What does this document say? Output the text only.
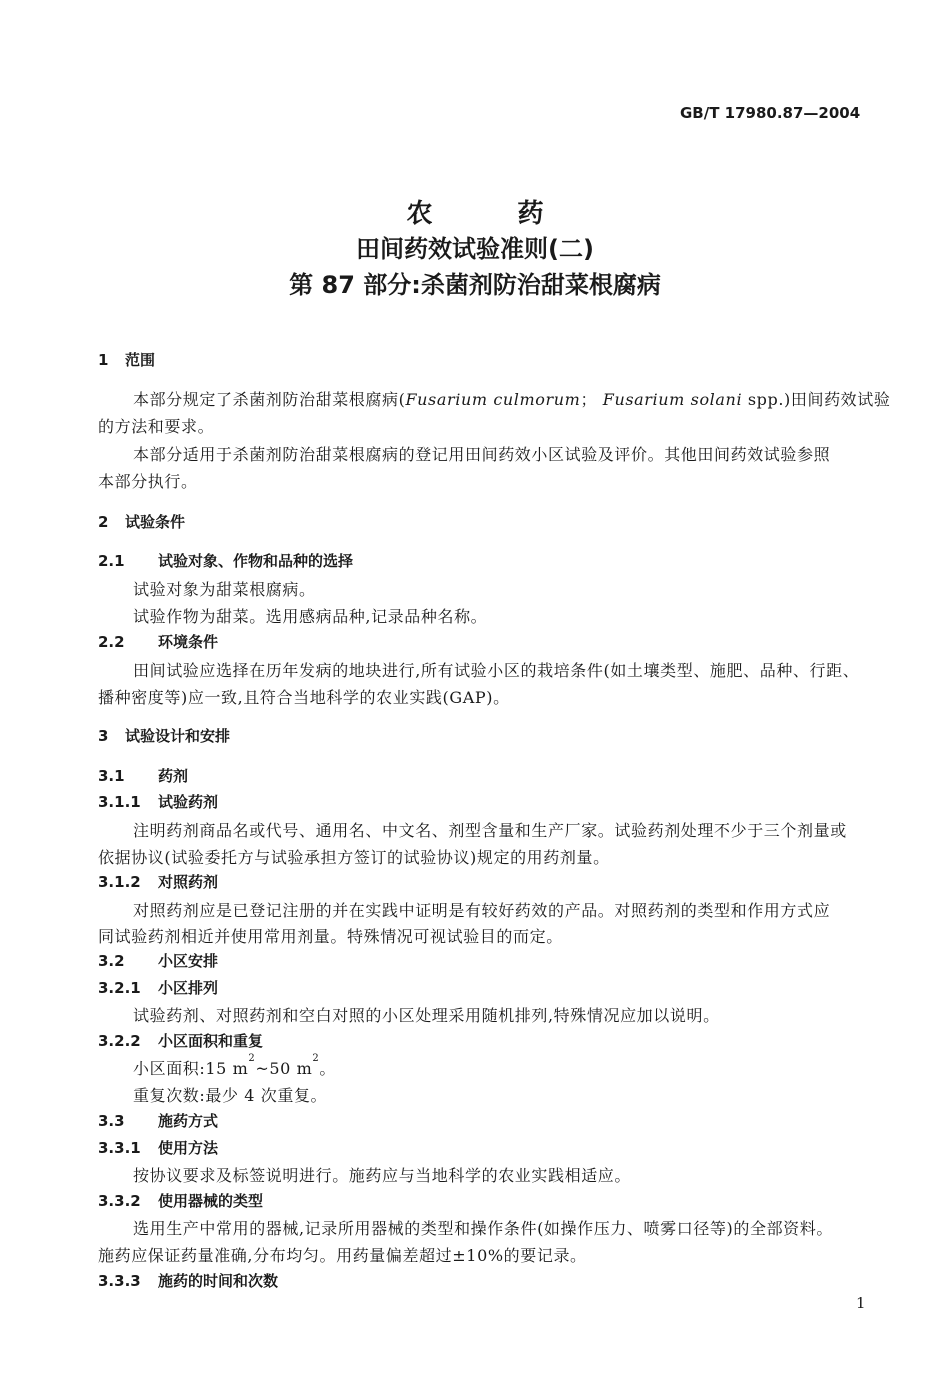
GB/T 17980.87—2004
农 药
田间药效试验准则(二)
第 87 部分:杀菌剂防治甜菜根腐病
1 范围
本部分规定了杀菌剂防治甜菜根腐病(Fusarium culmorum； Fusarium solani spp.)田间药效试验
的方法和要求。
本部分适用于杀菌剂防治甜菜根腐病的登记用田间药效小区试验及评价。其他田间药效试验参照
本部分执行。
2 试验条件
2.1 试验对象、作物和品种的选择
试验对象为甜菜根腐病。
试验作物为甜菜。选用感病品种,记录品种名称。
2.2 环境条件
田间试验应选择在历年发病的地块进行,所有试验小区的栽培条件(如土壤类型、施肥、品种、行距、
播种密度等)应一致,且符合当地科学的农业实践(GAP)。
3 试验设计和安排
3.1 药剂
3.1.1 试验药剂
注明药剂商品名或代号、通用名、中文名、剂型含量和生产厂家。试验药剂处理不少于三个剂量或
依据协议(试验委托方与试验承担方签订的试验协议)规定的用药剂量。
3.1.2 对照药剂
对照药剂应是已登记注册的并在实践中证明是有较好药效的产品。对照药剂的类型和作用方式应
同试验药剂相近并使用常用剂量。特殊情况可视试验目的而定。
3.2 小区安排
3.2.1 小区排列
试验药剂、对照药剂和空白对照的小区处理采用随机排列,特殊情况应加以说明。
3.2.2 小区面积和重复
小区面积:15 $m^2\sim 50$ $m^2$。
重复次数:最少 4 次重复。
3.3 施药方式
3.3.1 使用方法
按协议要求及标签说明进行。施药应与当地科学的农业实践相适应。
3.3.2 使用器械的类型
选用生产中常用的器械,记录所用器械的类型和操作条件(如操作压力、喷雾口径等)的全部资料。
施药应保证药量准确,分布均匀。用药量偏差超过±10%的要记录。
3.3.3 施药的时间和次数
1
